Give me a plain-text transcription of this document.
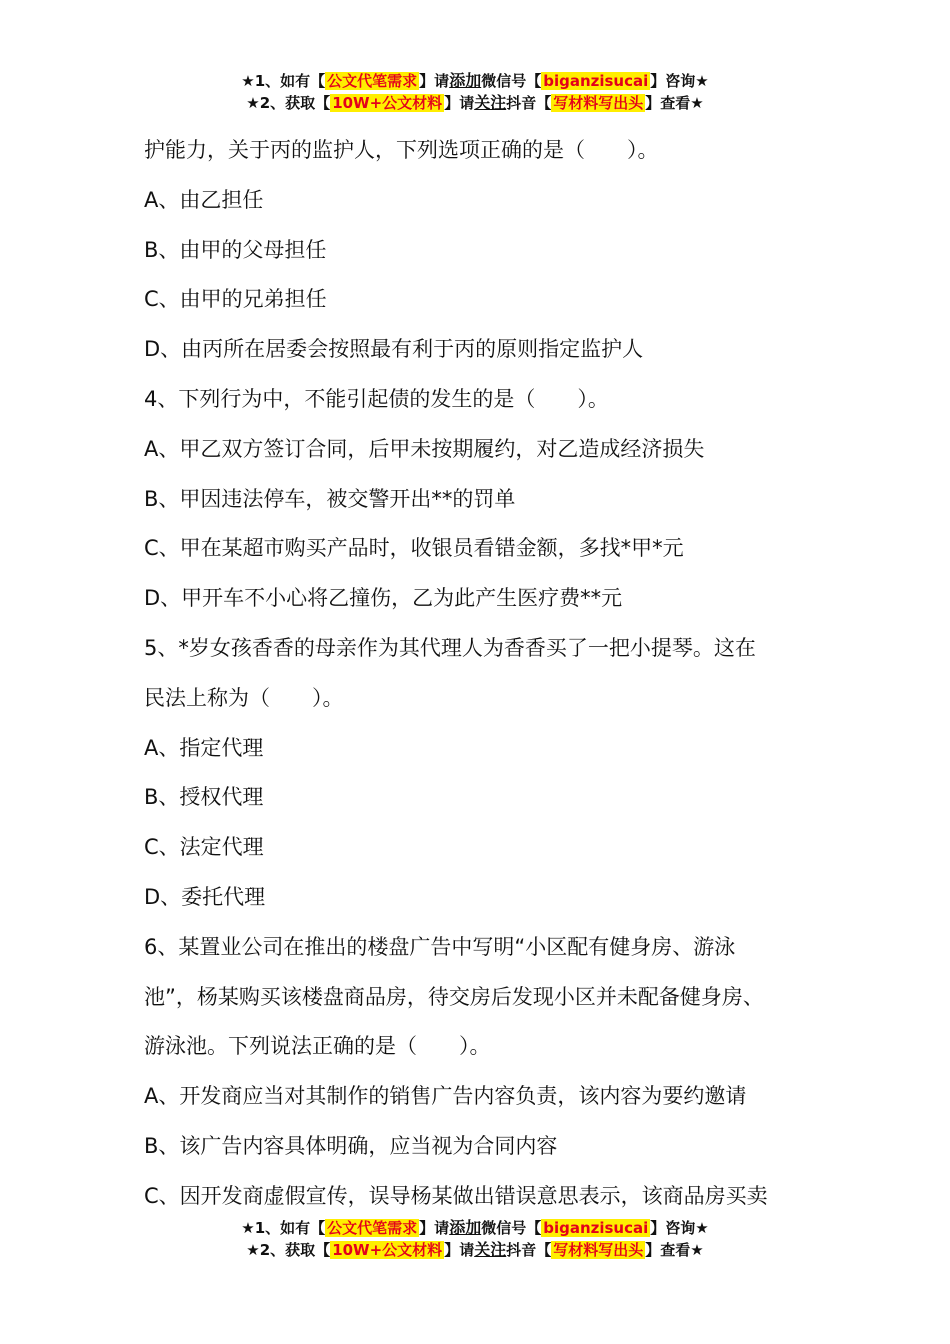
★1、如有【 公文代笔需求 】请添加微信号【 biganzisucai 】咨询★
★2、获取【 10W+公文材料 】请关注抖音【 写材料写出头 】查看★

护能力，关于丙的监护人，下列选项正确的是（　　）。

A、由乙担任

B、由甲的父母担任

C、由甲的兄弟担任

D、由丙所在居委会按照最有利于丙的原则指定监护人

4、下列行为中，不能引起债的发生的是（　　）。

A、甲乙双方签订合同，后甲未按期履约，对乙造成经济损失

B、甲因违法停车，被交警开出**的罚单

C、甲在某超市购买产品时，收银员看错金额，多找*甲*元

D、甲开车不小心将乙撞伤，乙为此产生医疗费**元

5、*岁女孩香香的母亲作为其代理人为香香买了一把小提琴。这在

民法上称为（　　）。

A、指定代理

B、授权代理

C、法定代理

D、委托代理

6、某置业公司在推出的楼盘广告中写明“小区配有健身房、游泳

池”，杨某购买该楼盘商品房，待交房后发现小区并未配备健身房、

游泳池。下列说法正确的是（　　）。

A、开发商应当对其制作的销售广告内容负责，该内容为要约邀请

B、该广告内容具体明确，应当视为合同内容

C、因开发商虚假宣传，误导杨某做出错误意思表示，该商品房买卖

★1、如有【 公文代笔需求 】请添加微信号【 biganzisucai 】咨询★
★2、获取【 10W+公文材料 】请关注抖音【 写材料写出头 】查看★
